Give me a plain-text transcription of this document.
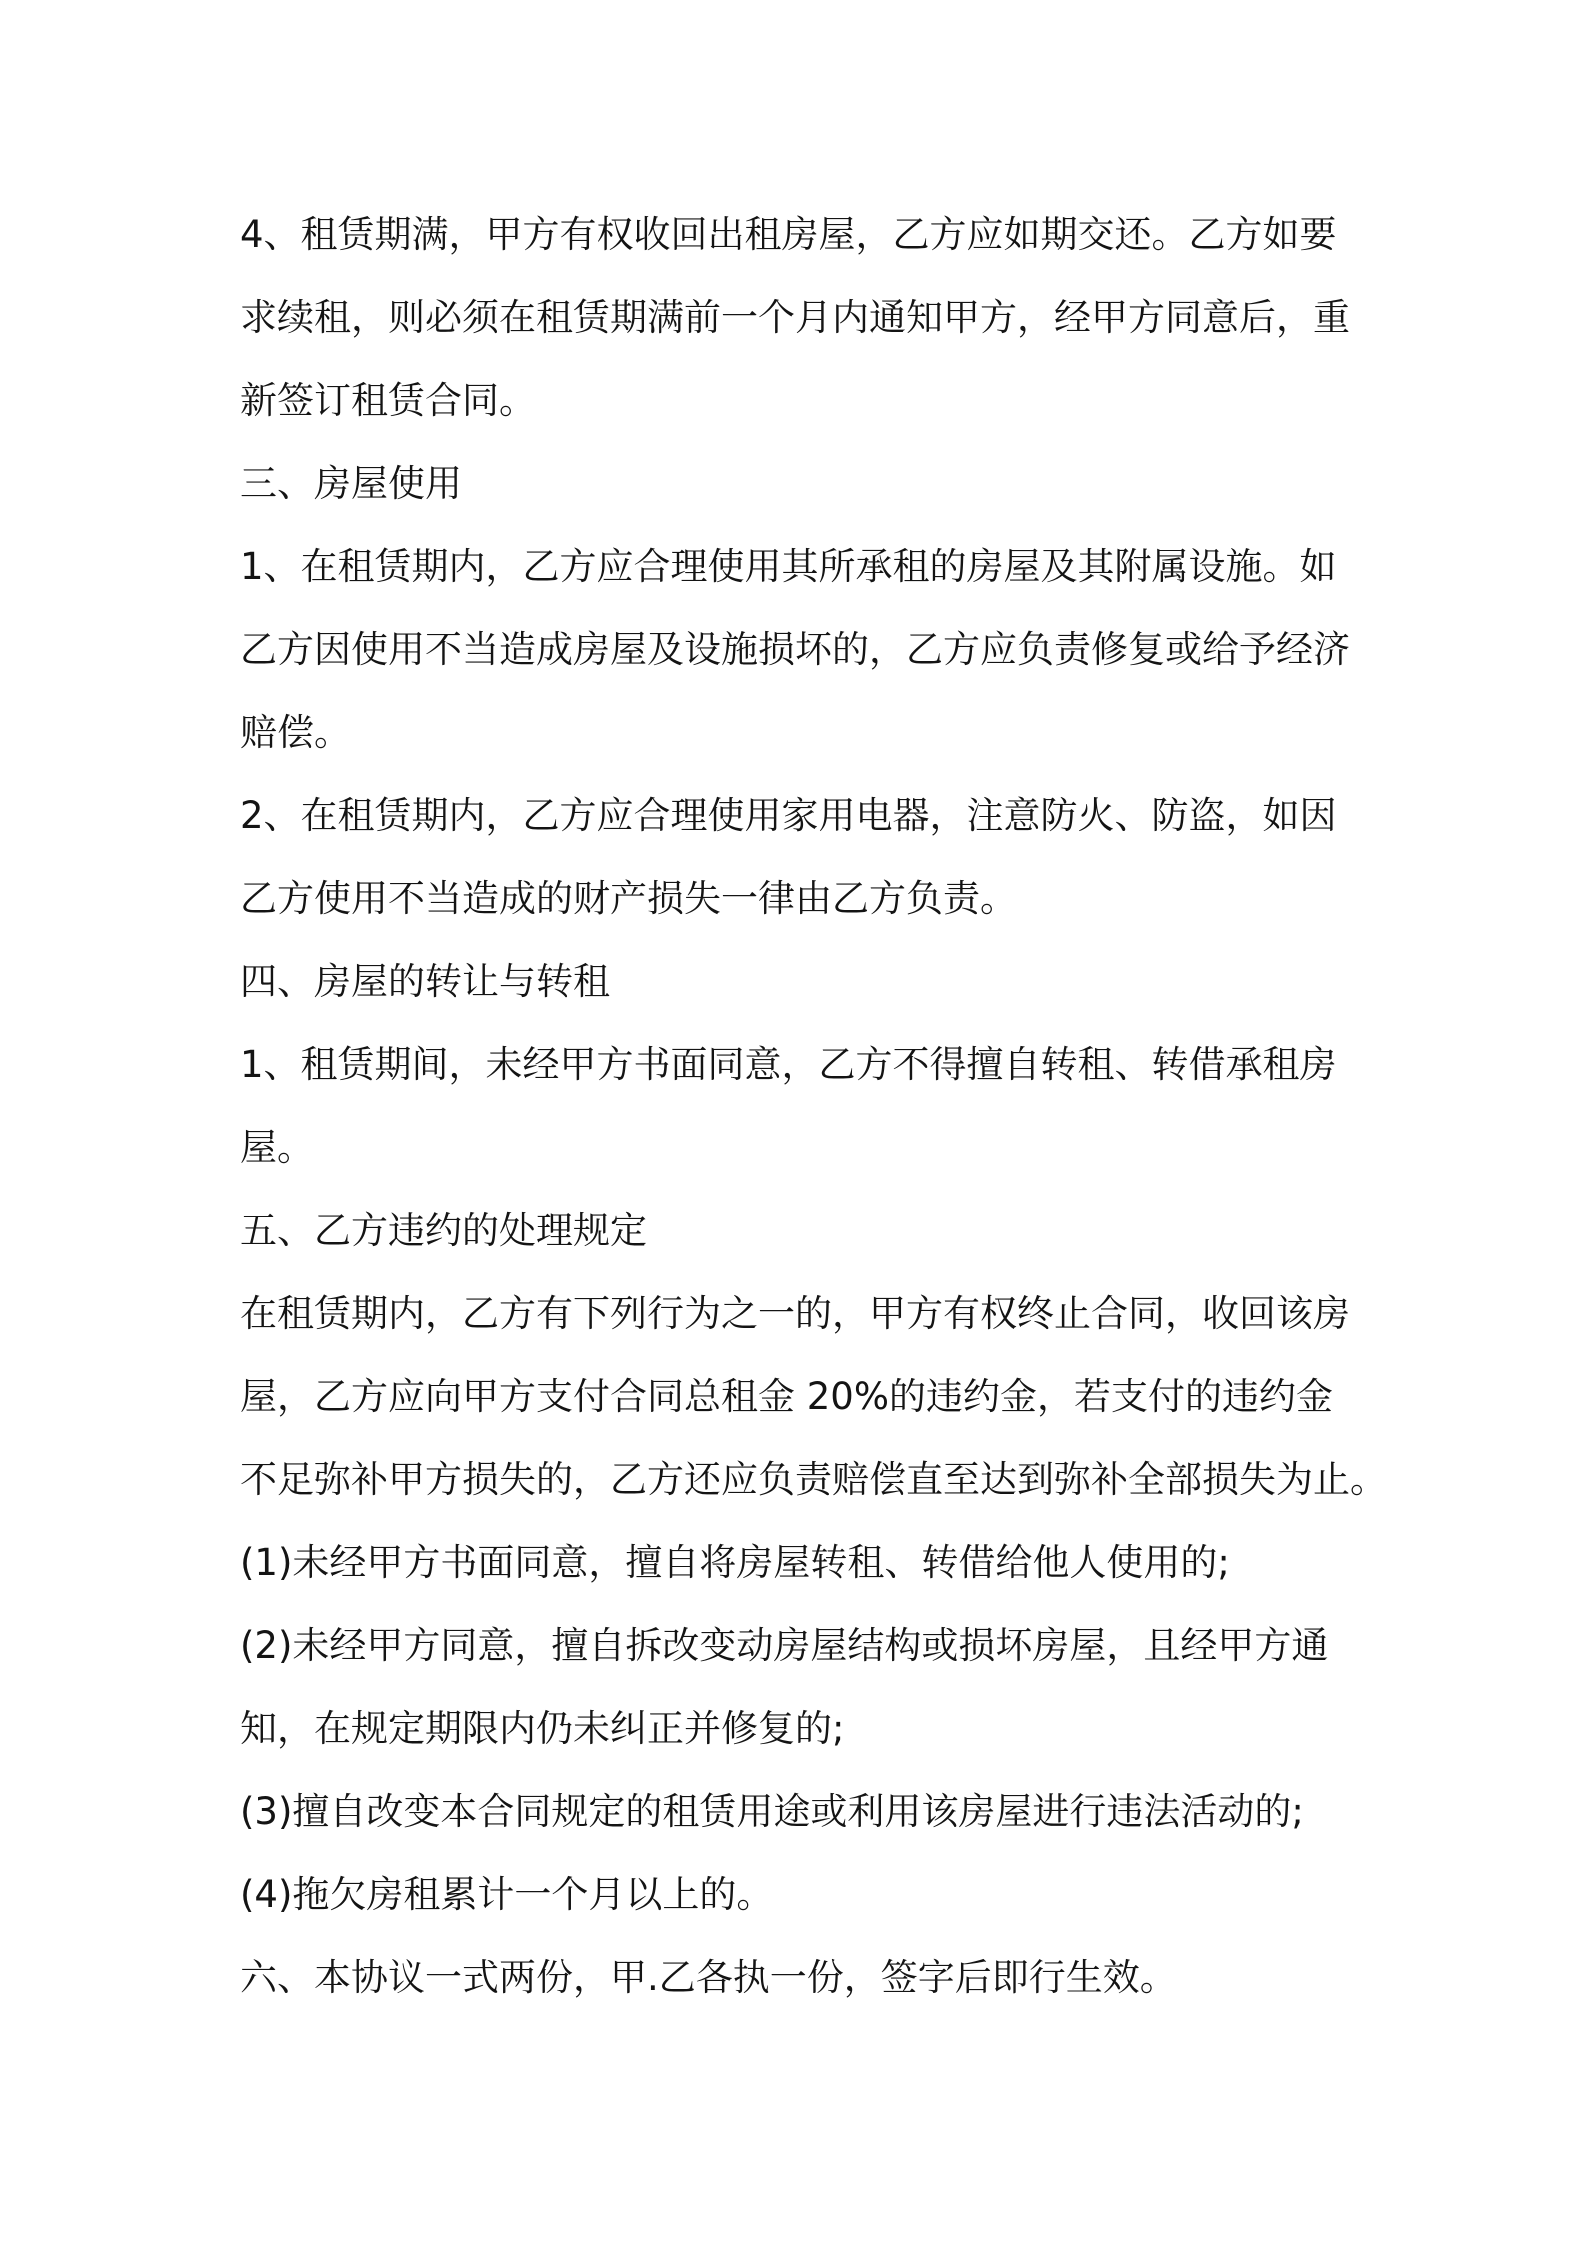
4、租赁期满，甲方有权收回出租房屋，乙方应如期交还。乙方如要
求续租，则必须在租赁期满前一个月内通知甲方，经甲方同意后，重
新签订租赁合同。
三、房屋使用
1、在租赁期内，乙方应合理使用其所承租的房屋及其附属设施。如
乙方因使用不当造成房屋及设施损坏的，乙方应负责修复或给予经济
赔偿。
2、在租赁期内，乙方应合理使用家用电器，注意防火、防盗，如因
乙方使用不当造成的财产损失一律由乙方负责。
四、房屋的转让与转租
1、租赁期间，未经甲方书面同意，乙方不得擅自转租、转借承租房
屋。
五、乙方违约的处理规定
在租赁期内，乙方有下列行为之一的，甲方有权终止合同，收回该房
屋，乙方应向甲方支付合同总租金 20%的违约金，若支付的违约金
不足弥补甲方损失的，乙方还应负责赔偿直至达到弥补全部损失为止。
(1)未经甲方书面同意，擅自将房屋转租、转借给他人使用的;
(2)未经甲方同意，擅自拆改变动房屋结构或损坏房屋，且经甲方通
知，在规定期限内仍未纠正并修复的;
(3)擅自改变本合同规定的租赁用途或利用该房屋进行违法活动的;
(4)拖欠房租累计一个月以上的。
六、本协议一式两份，甲.乙各执一份，签字后即行生效。
